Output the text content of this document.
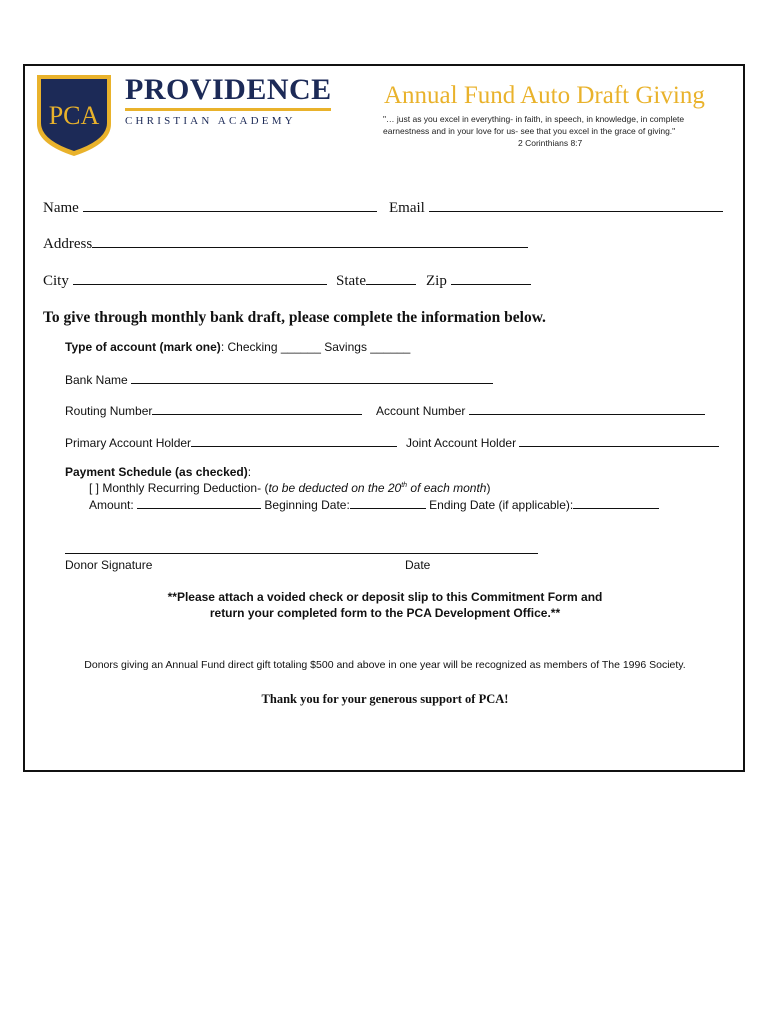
PCA
PROVIDENCE
CHRISTIAN ACADEMY
Annual Fund Auto Draft Giving
"… just as you excel in everything- in faith, in speech, in knowledge, in complete
earnestness and in your love for us- see that you excel in the grace of giving."
2 Corinthians 8:7
Name	Email
Address
City	State	Zip
To give through monthly bank draft, please complete the information below.
Type of account (mark one): Checking ______ Savings ______
Bank Name
Routing Number	Account Number
Primary Account Holder	Joint Account Holder
Payment Schedule (as checked):
[ ] Monthly Recurring Deduction- (to be deducted on the 20th of each month)
Amount:	Beginning Date:	Ending Date (if applicable):
Donor Signature	Date
**Please attach a voided check or deposit slip to this Commitment Form and
return your completed form to the PCA Development Office.**
Donors giving an Annual Fund direct gift totaling $500 and above in one year will be recognized as members of The 1996 Society.
Thank you for your generous support of PCA!
